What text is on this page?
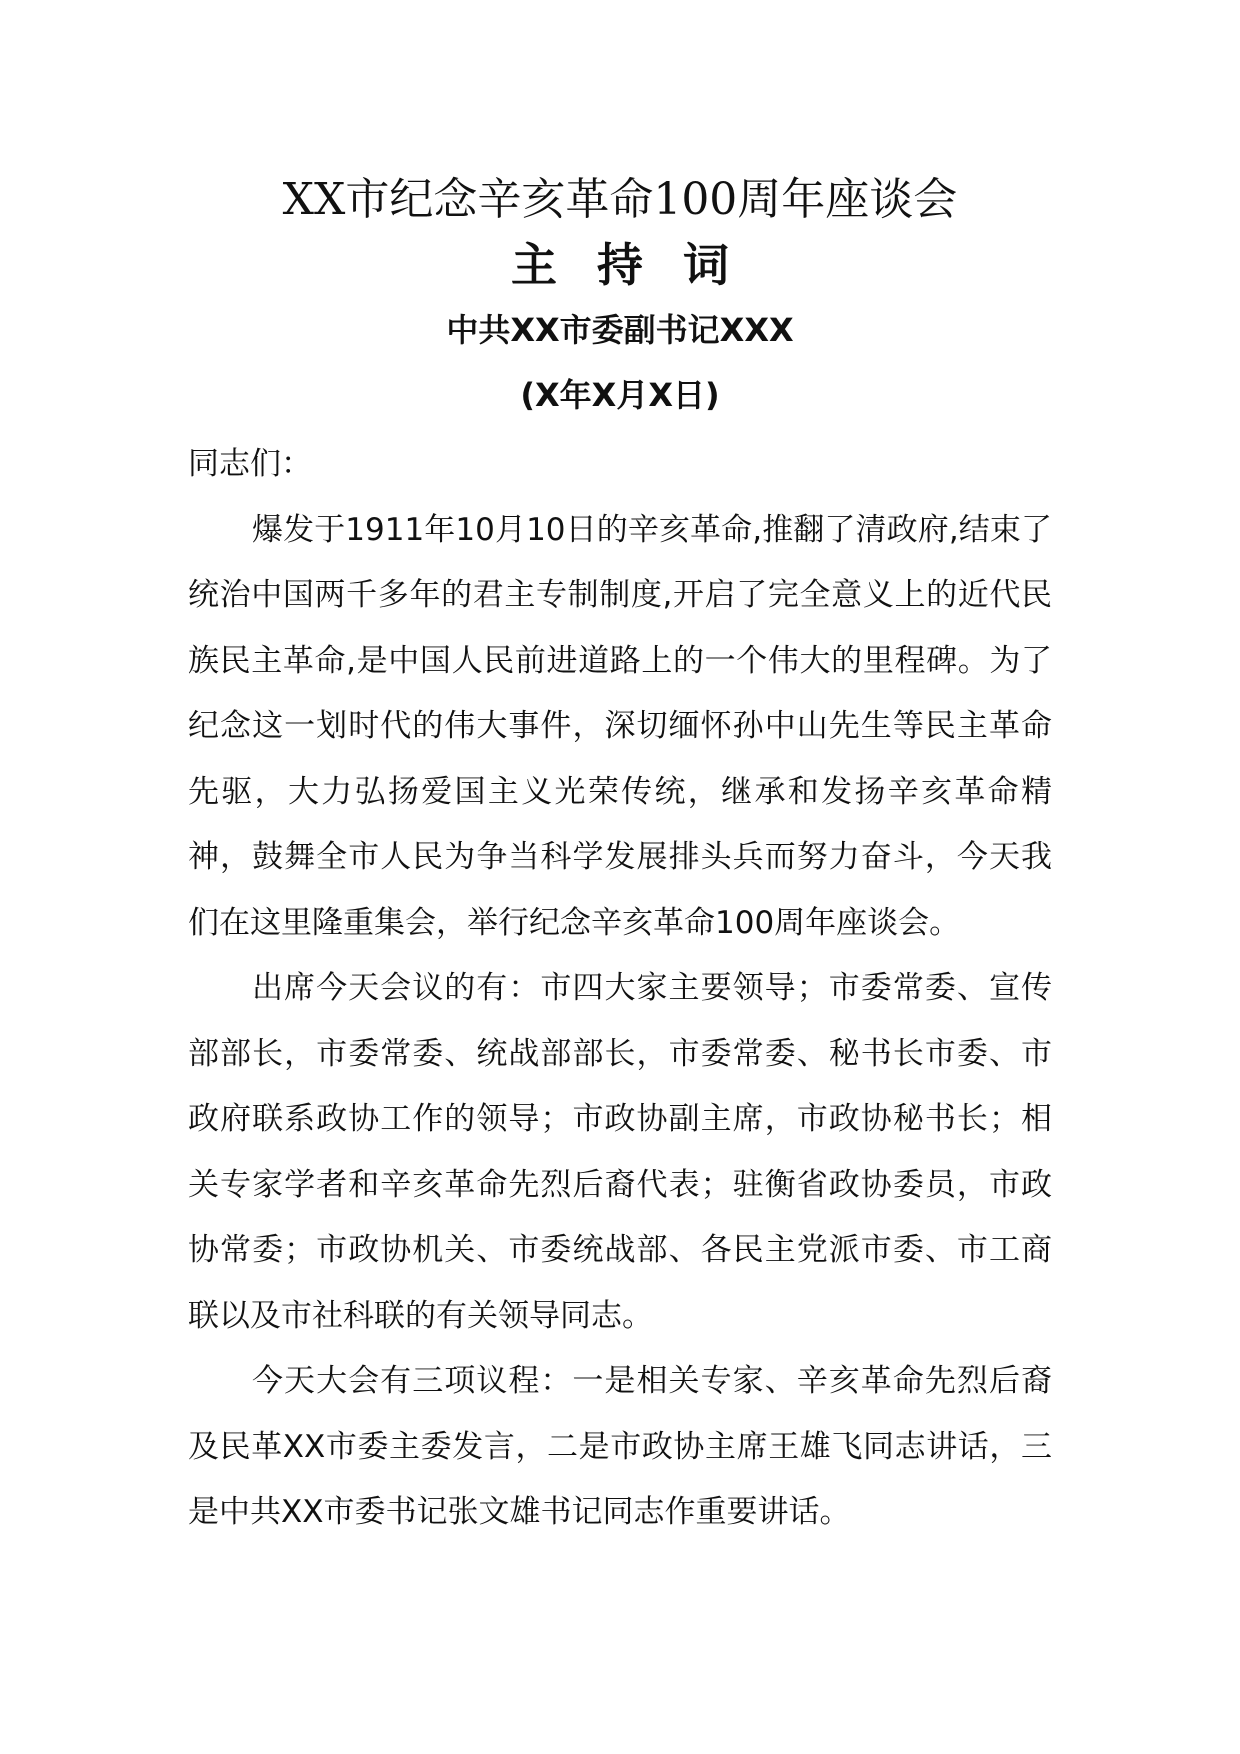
XX市纪念辛亥革命100周年座谈会
主持词
中共XX市委副书记XXX
(X年X月X日)

同志们：

爆发于1911年10月10日的辛亥革命,推翻了清政府,结束了统治中国两千多年的君主专制制度,开启了完全意义上的近代民族民主革命,是中国人民前进道路上的一个伟大的里程碑。为了纪念这一划时代的伟大事件，深切缅怀孙中山先生等民主革命先驱，大力弘扬爱国主义光荣传统，继承和发扬辛亥革命精神，鼓舞全市人民为争当科学发展排头兵而努力奋斗，今天我们在这里隆重集会，举行纪念辛亥革命100周年座谈会。

出席今天会议的有：市四大家主要领导；市委常委、宣传部部长，市委常委、统战部部长，市委常委、秘书长市委、市政府联系政协工作的领导；市政协副主席，市政协秘书长；相关专家学者和辛亥革命先烈后裔代表；驻衡省政协委员，市政协常委；市政协机关、市委统战部、各民主党派市委、市工商联以及市社科联的有关领导同志。

今天大会有三项议程：一是相关专家、辛亥革命先烈后裔及民革XX市委主委发言，二是市政协主席王雄飞同志讲话，三是中共XX市委书记张文雄书记同志作重要讲话。
